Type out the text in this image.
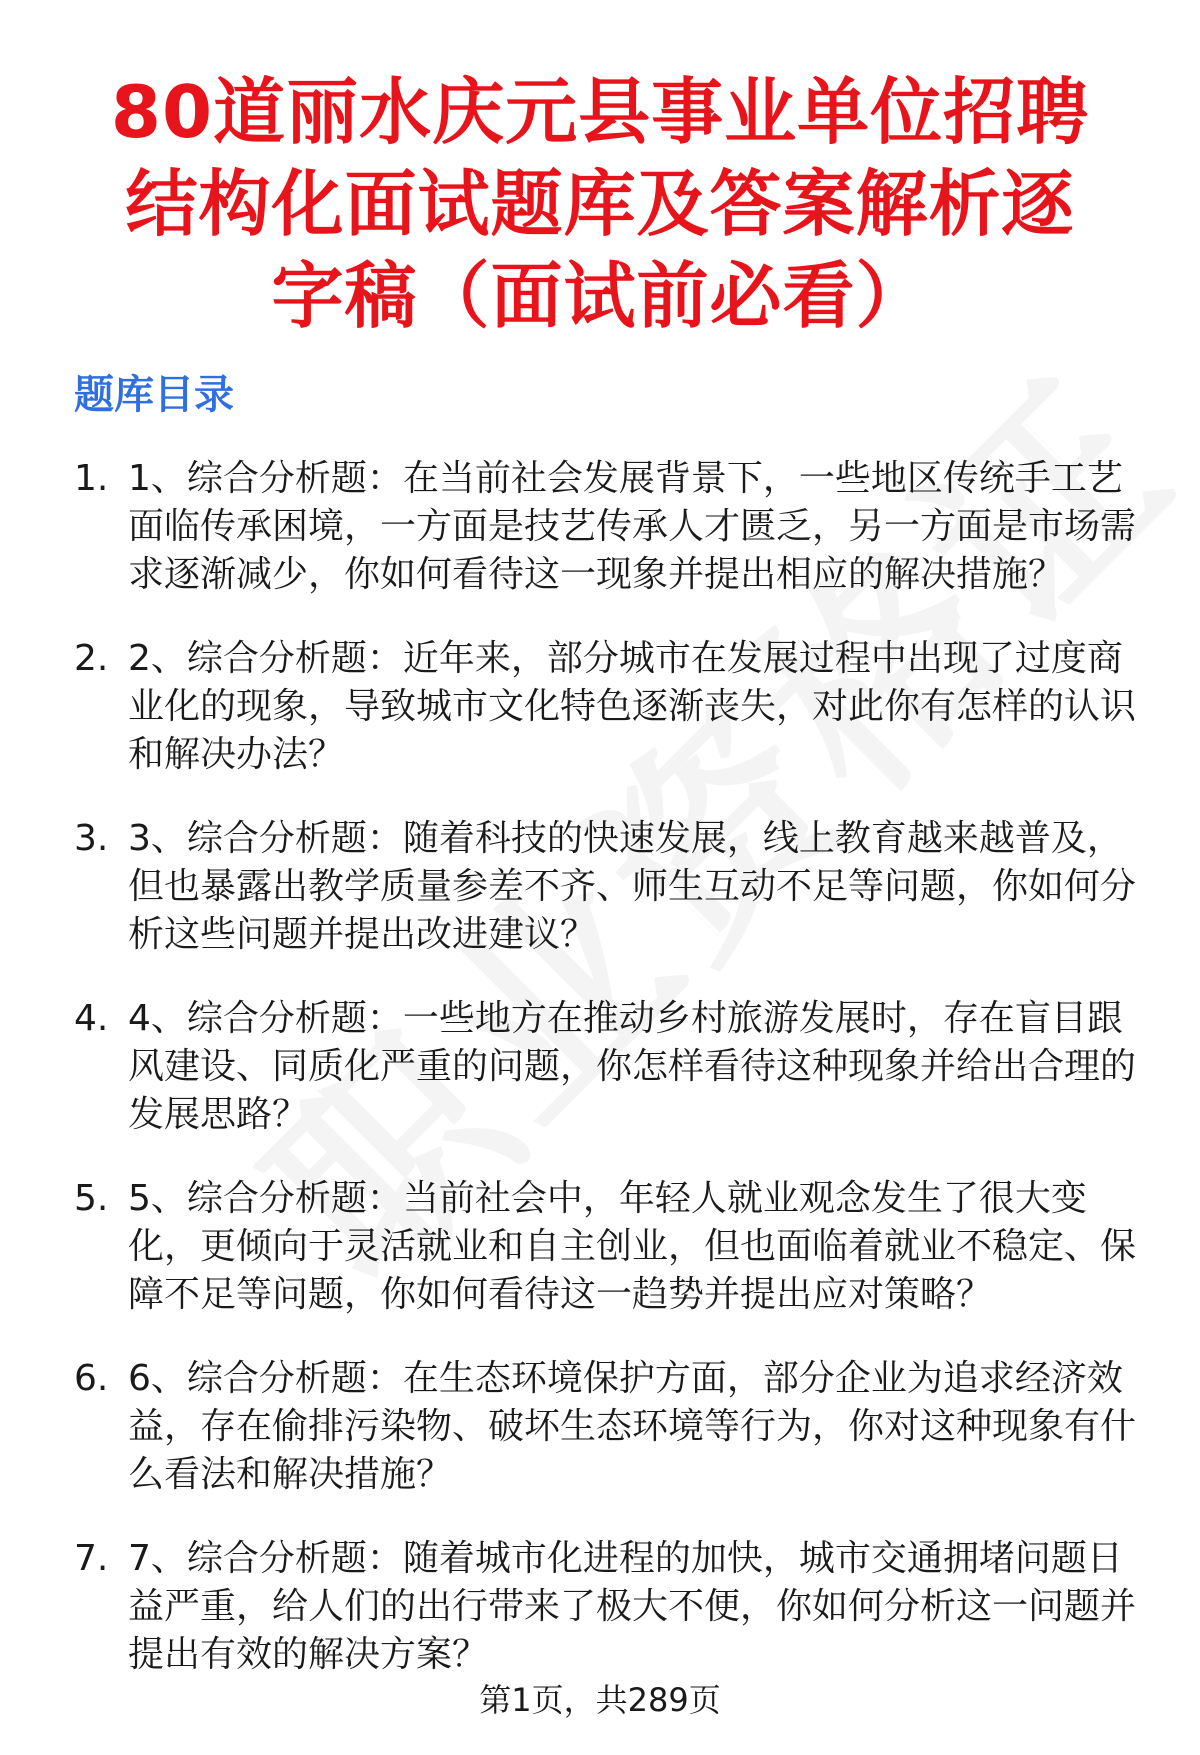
80道丽水庆元县事业单位招聘结构化面试题库及答案解析逐字稿（面试前必看）
题库目录
1. 1、综合分析题：在当前社会发展背景下，一些地区传统手工艺面临传承困境，一方面是技艺传承人才匮乏，另一方面是市场需求逐渐减少，你如何看待这一现象并提出相应的解决措施？
2. 2、综合分析题：近年来，部分城市在发展过程中出现了过度商业化的现象，导致城市文化特色逐渐丧失，对此你有怎样的认识和解决办法？
3. 3、综合分析题：随着科技的快速发展，线上教育越来越普及，但也暴露出教学质量参差不齐、师生互动不足等问题，你如何分析这些问题并提出改进建议？
4. 4、综合分析题：一些地方在推动乡村旅游发展时，存在盲目跟风建设、同质化严重的问题，你怎样看待这种现象并给出合理的发展思路？
5. 5、综合分析题：当前社会中，年轻人就业观念发生了很大变化，更倾向于灵活就业和自主创业，但也面临着就业不稳定、保障不足等问题，你如何看待这一趋势并提出应对策略？
6. 6、综合分析题：在生态环境保护方面，部分企业为追求经济效益，存在偷排污染物、破坏生态环境等行为，你对这种现象有什么看法和解决措施？
7. 7、综合分析题：随着城市化进程的加快，城市交通拥堵问题日益严重，给人们的出行带来了极大不便，你如何分析这一问题并提出有效的解决方案？
第1页，共289页
